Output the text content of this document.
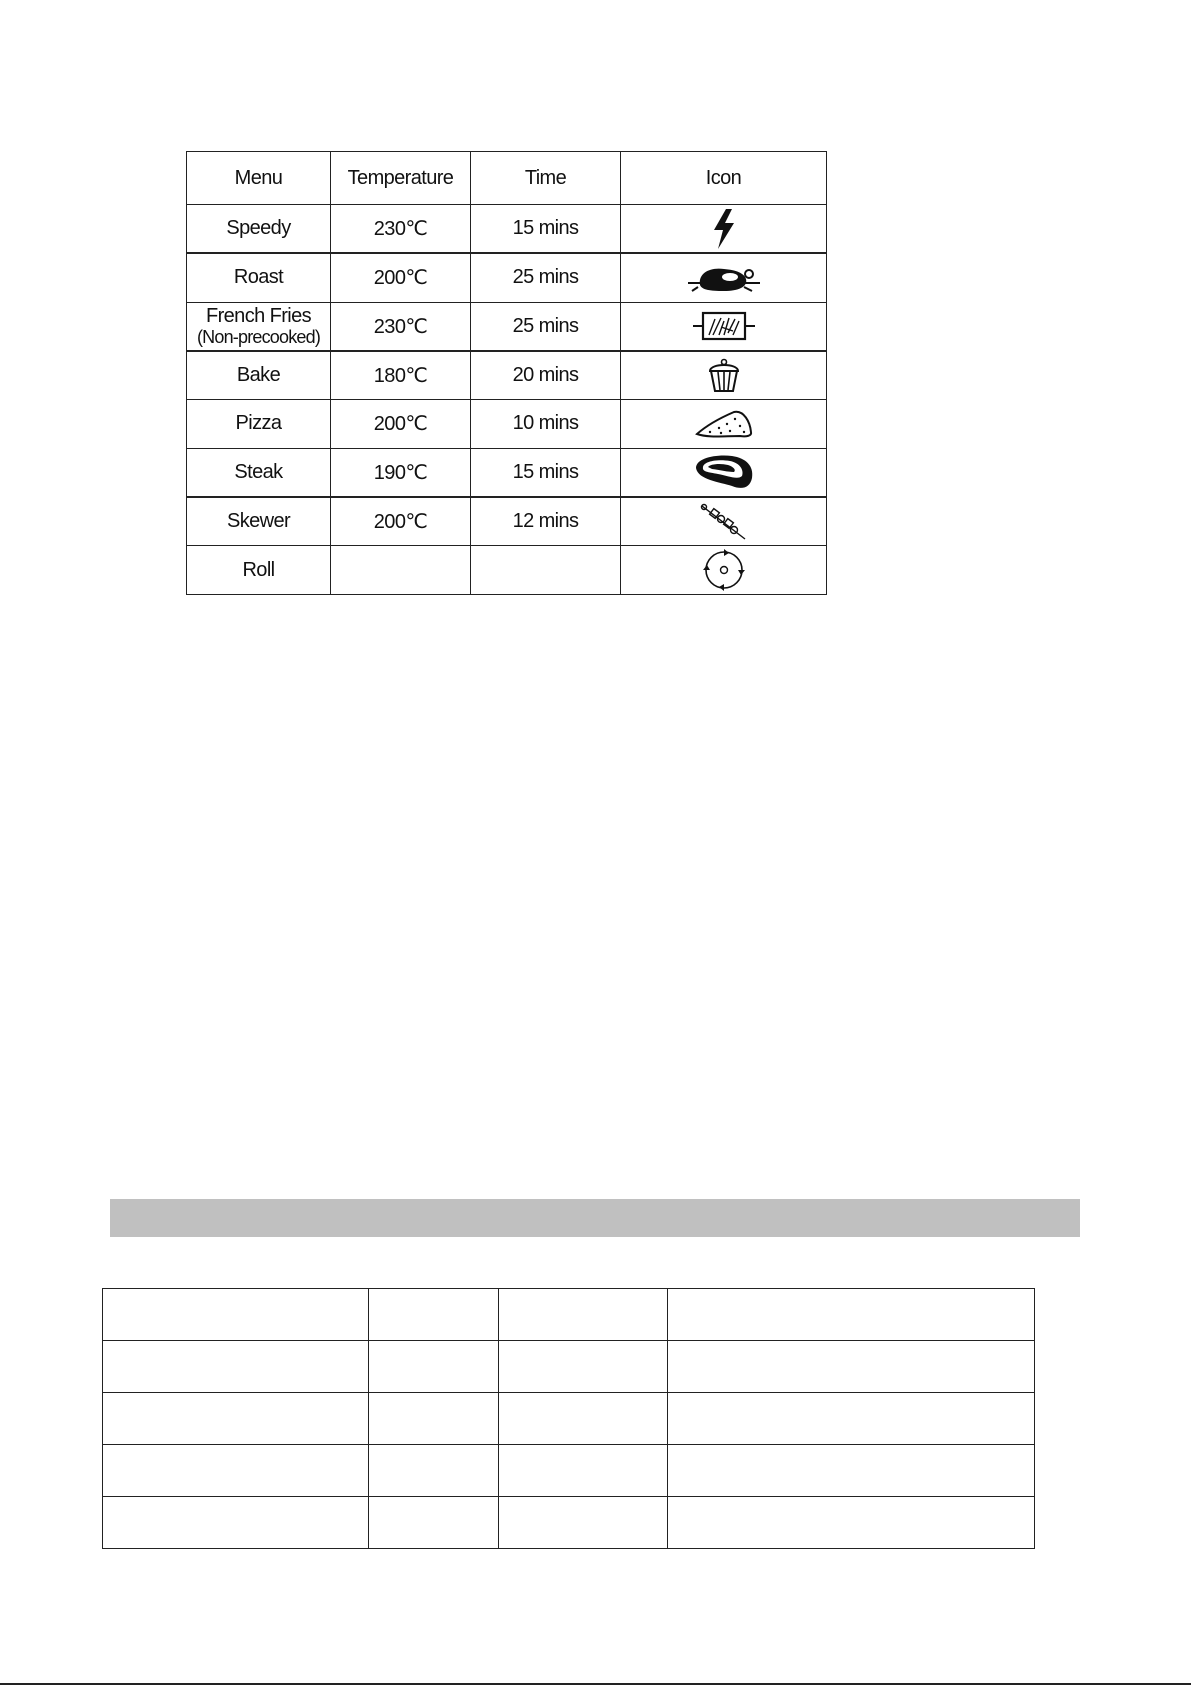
Menu	Temperature	Time	Icon
Speedy	230℃	15 mins	

Roast	200℃	25 mins	

French Fries
(Non-precooked)	230℃	25 mins	

Bake	180℃	20 mins	

Pizza	200℃	10 mins	

Steak	190℃	15 mins	

Skewer	200℃	12 mins	

Roll			
